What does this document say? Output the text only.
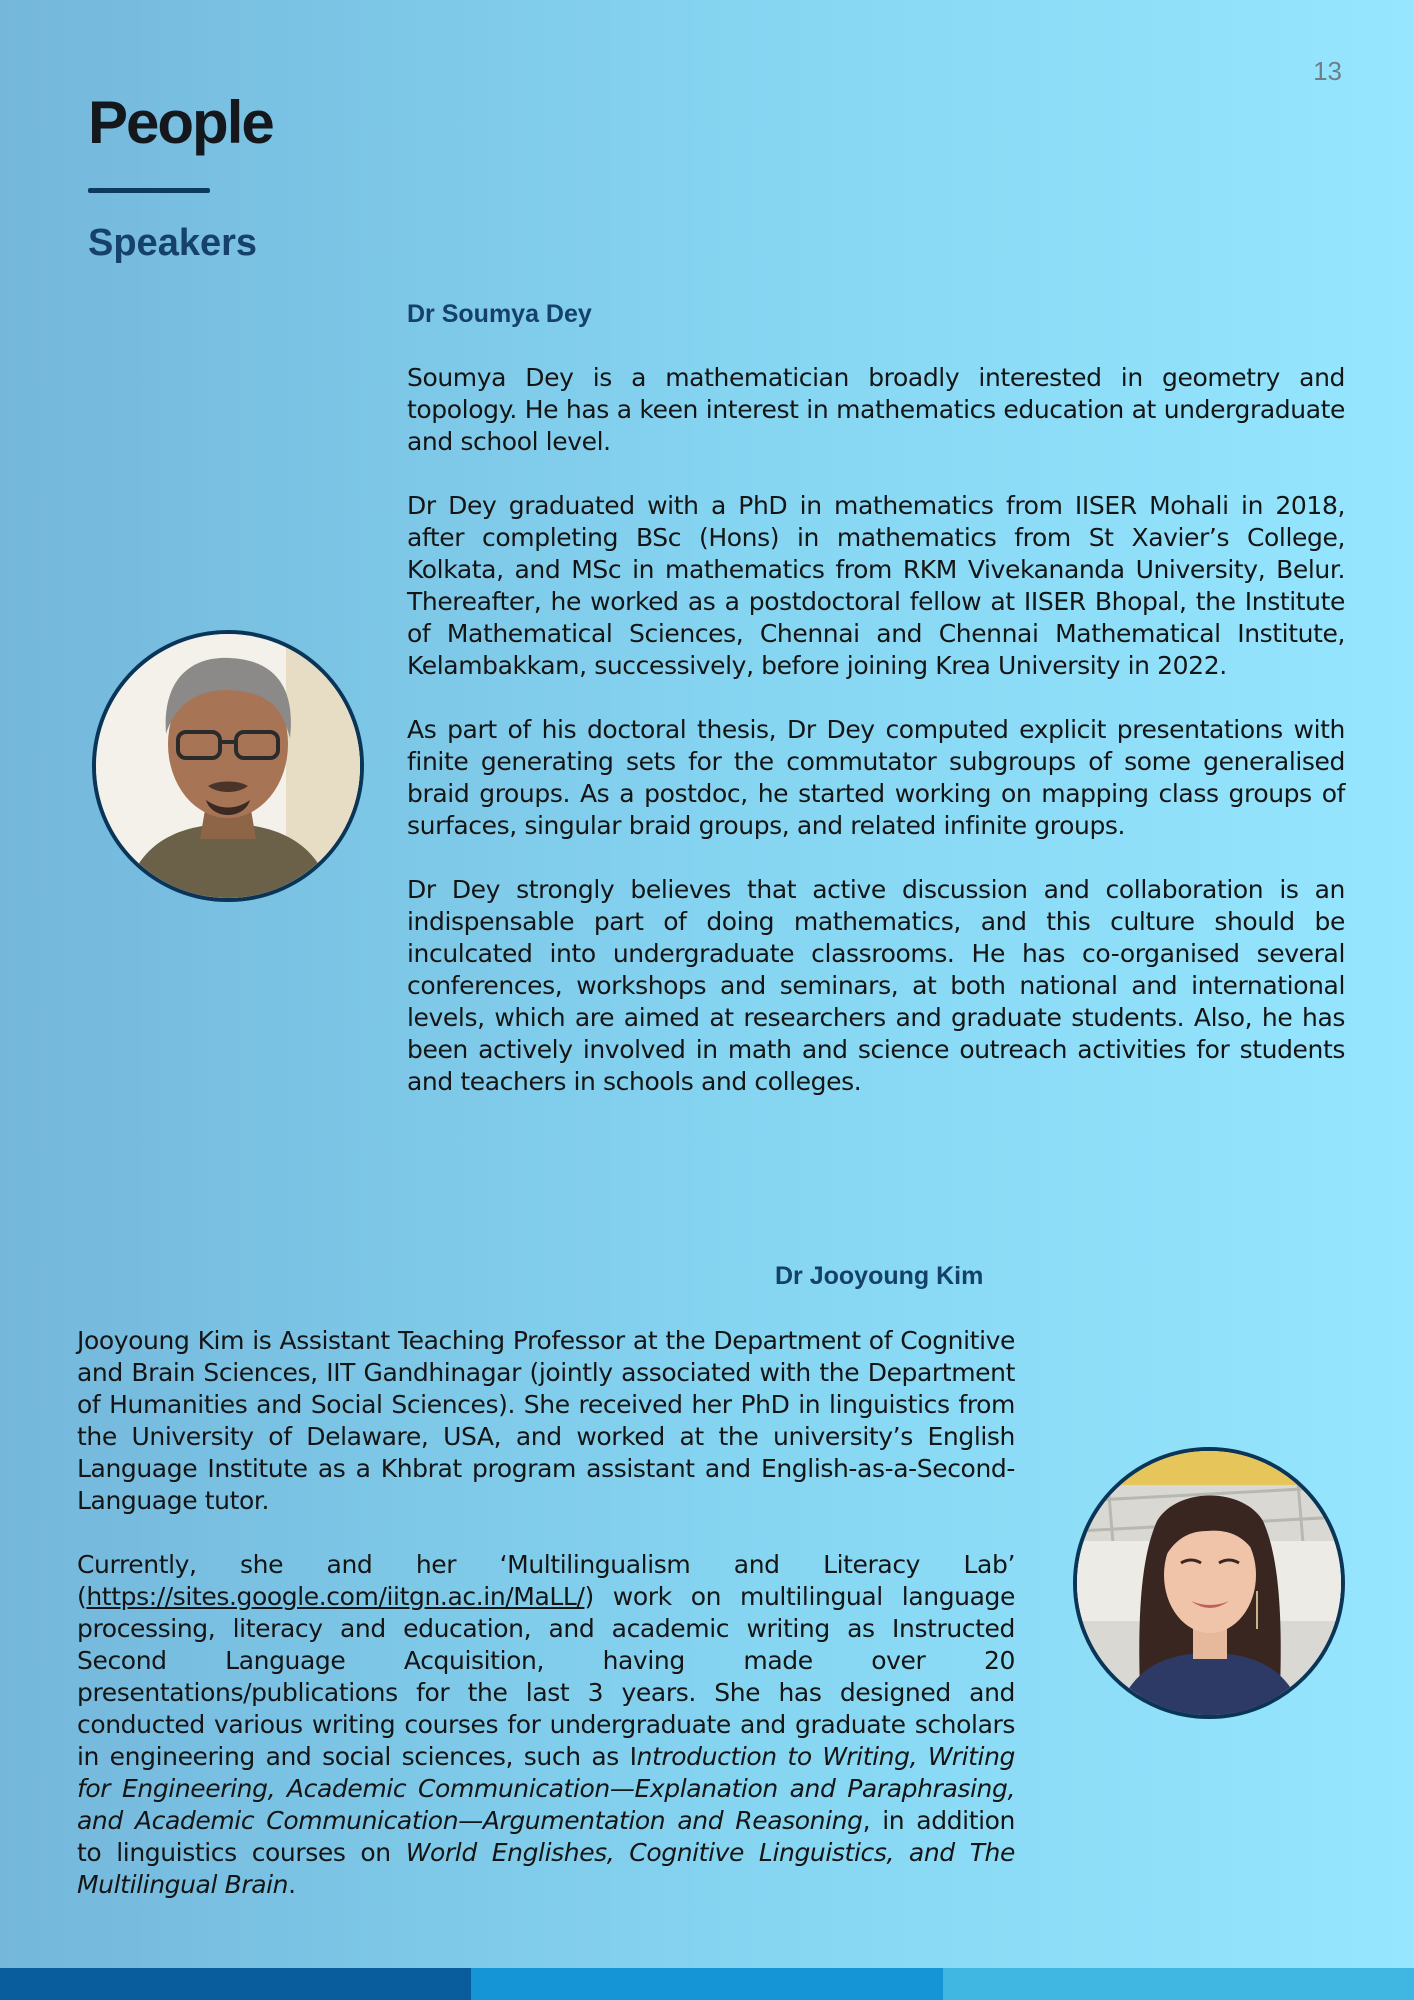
13
People
Speakers
Dr Soumya Dey

Soumya Dey is a mathematician broadly interested in geometry and topology. He has a keen interest in mathematics education at undergraduate and school level.

Dr Dey graduated with a PhD in mathematics from IISER Mohali in 2018, after completing BSc (Hons) in mathematics from St Xavier’s College, Kolkata, and MSc in mathematics from RKM Vivekananda University, Belur. Thereafter, he worked as a postdoctoral fellow at IISER Bhopal, the Institute of Mathematical Sciences, Chennai and Chennai Mathematical Institute, Kelambakkam, successively, before joining Krea University in 2022.

As part of his doctoral thesis, Dr Dey computed explicit presentations with finite generating sets for the commutator subgroups of some generalised braid groups. As a postdoc, he started working on mapping class groups of surfaces, singular braid groups, and related infinite groups.

Dr Dey strongly believes that active discussion and collaboration is an indispensable part of doing mathematics, and this culture should be inculcated into undergraduate classrooms. He has co-organised several conferences, workshops and seminars, at both national and international levels, which are aimed at researchers and graduate students. Also, he has been actively involved in math and science outreach activities for students and teachers in schools and colleges.

Dr Jooyoung Kim

Jooyoung Kim is Assistant Teaching Professor at the Department of Cognitive and Brain Sciences, IIT Gandhinagar (jointly associated with the Department of Humanities and Social Sciences). She received her PhD in linguistics from the University of Delaware, USA, and worked at the university’s English Language Institute as a Khbrat program assistant and English-as-a-Second-Language tutor.

Currently, she and her ‘Multilingualism and Literacy Lab’ (https://sites.google.com/iitgn.ac.in/MaLL/) work on multilingual language processing, literacy and education, and academic writing as Instructed Second Language Acquisition, having made over 20 presentations/publications for the last 3 years. She has designed and conducted various writing courses for undergraduate and graduate scholars in engineering and social sciences, such as Introduction to Writing, Writing for Engineering, Academic Communication—Explanation and Paraphrasing, and Academic Communication—Argumentation and Reasoning, in addition to linguistics courses on World Englishes, Cognitive Linguistics, and The Multilingual Brain.
